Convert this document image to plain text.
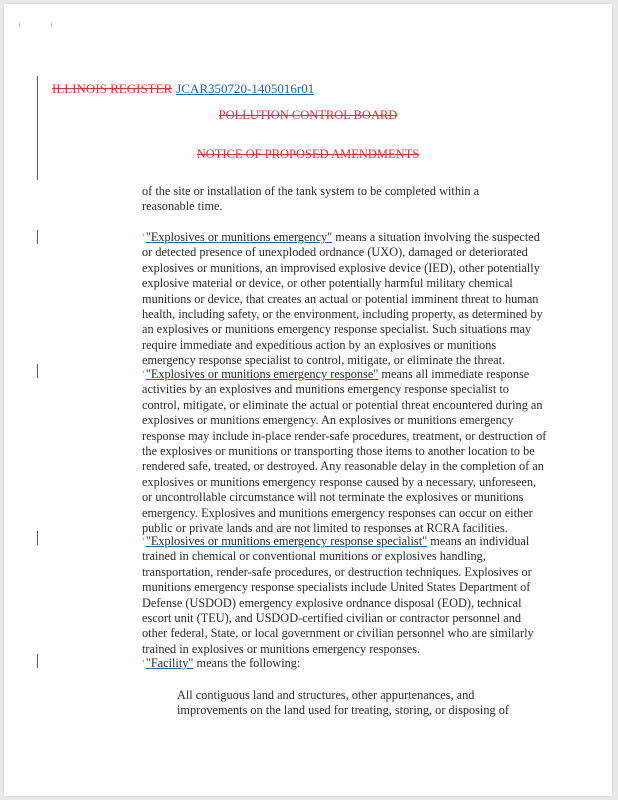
ı	ı
ILLINOIS REGISTER JCAR350720-1405016r01
POLLUTION CONTROL BOARD
NOTICE OF PROPOSED AMENDMENTS
of the site or installation of the tank system to be completed within a
reasonable time.
‹"Explosives or munitions emergency" means a situation involving the suspected
or detected presence of unexploded ordnance (UXO), damaged or deteriorated
explosives or munitions, an improvised explosive device (IED), other potentially
explosive material or device, or other potentially harmful military chemical
munitions or device, that creates an actual or potential imminent threat to human
health, including safety, or the environment, including property, as determined by
an explosives or munitions emergency response specialist. Such situations may
require immediate and expeditious action by an explosives or munitions
emergency response specialist to control, mitigate, or eliminate the threat.
‹"Explosives or munitions emergency response" means all immediate response
activities by an explosives and munitions emergency response specialist to
control, mitigate, or eliminate the actual or potential threat encountered during an
explosives or munitions emergency. An explosives or munitions emergency
response may include in-place render-safe procedures, treatment, or destruction of
the explosives or munitions or transporting those items to another location to be
rendered safe, treated, or destroyed. Any reasonable delay in the completion of an
explosives or munitions emergency response caused by a necessary, unforeseen,
or uncontrollable circumstance will not terminate the explosives or munitions
emergency. Explosives and munitions emergency responses can occur on either
public or private lands and are not limited to responses at RCRA facilities.
‹"Explosives or munitions emergency response specialist" means an individual
trained in chemical or conventional munitions or explosives handling,
transportation, render-safe procedures, or destruction techniques. Explosives or
munitions emergency response specialists include United States Department of
Defense (USDOD) emergency explosive ordnance disposal (EOD), technical
escort unit (TEU), and USDOD-certified civilian or contractor personnel and
other federal, State, or local government or civilian personnel who are similarly
trained in explosives or munitions emergency responses.
‹"Facility" means the following:
All contiguous land and structures, other appurtenances, and
improvements on the land used for treating, storing, or disposing of
